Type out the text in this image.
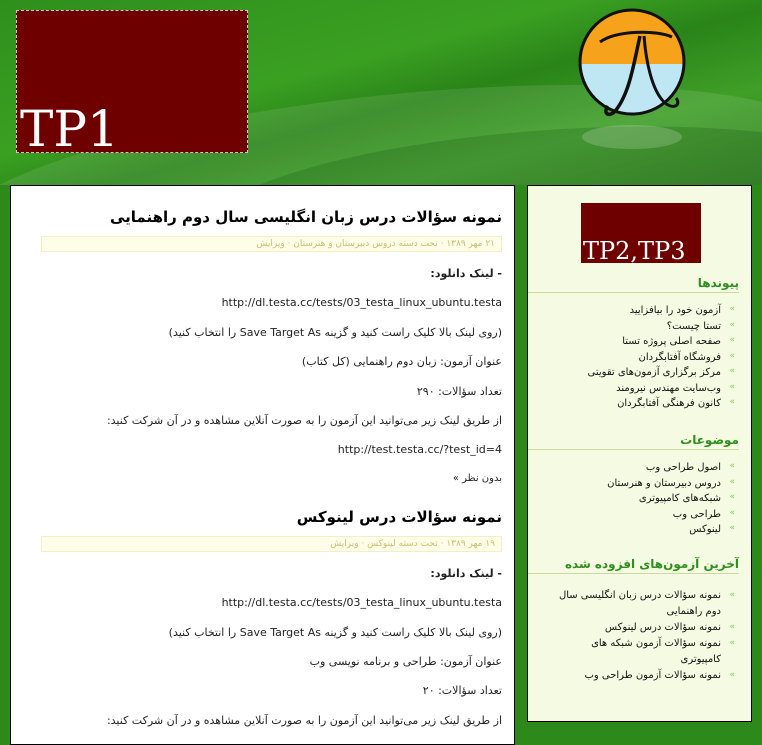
TP1
نمونه سؤالات درس زبان انگلیسی سال دوم راهنمایی
۲۱ مهر ۱۳۸۹ · تحت دسته دروس دبیرستان و هنرستان · ویرایش

- لینک دانلود:

http://dl.testa.cc/tests/03_testa_linux_ubuntu.testa

(روی لینک بالا کلیک راست کنید و گزینه Save Target As را انتخاب کنید)

عنوان آزمون: زبان دوم راهنمایی (کل کتاب)

تعداد سؤالات: ۲۹۰

از طریق لینک زیر می‌توانید این آزمون را به صورت آنلاین مشاهده و در آن شرکت کنید:

http://test.testa.cc/?test_id=4

بدون نظر »

نمونه سؤالات درس لینوکس
۱۹ مهر ۱۳۸۹ · تحت دسته لینوکس · ویرایش

- لینک دانلود:

http://dl.testa.cc/tests/03_testa_linux_ubuntu.testa

(روی لینک بالا کلیک راست کنید و گزینه Save Target As را انتخاب کنید)

عنوان آزمون: طراحی و برنامه نویسی وب

تعداد سؤالات: ۲۰

از طریق لینک زیر می‌توانید این آزمون را به صورت آنلاین مشاهده و در آن شرکت کنید:

TP2,TP3
پیوندها
» آزمون خود را بیافزایید
» تستا چیست؟
» صفحه اصلی پروژه تستا
» فروشگاه آفتابگردان
» مرکز برگزاری آزمون‌های تقویتی
» وب‌سایت مهندس نیرومند
» کانون فرهنگی آفتابگردان
موضوعات
» اصول طراحی وب
» دروس دبیرستان و هنرستان
» شبکه‌های کامپیوتری
» طراحی وب
» لینوکس
آخرین آزمون‌های افزوده شده
» نمونه سؤالات درس زبان انگلیسی سال دوم راهنمایی
» نمونه سؤالات درس لینوکس
» نمونه سؤالات آزمون شبکه های کامپیوتری
» نمونه سؤالات آزمون طراحی وب
